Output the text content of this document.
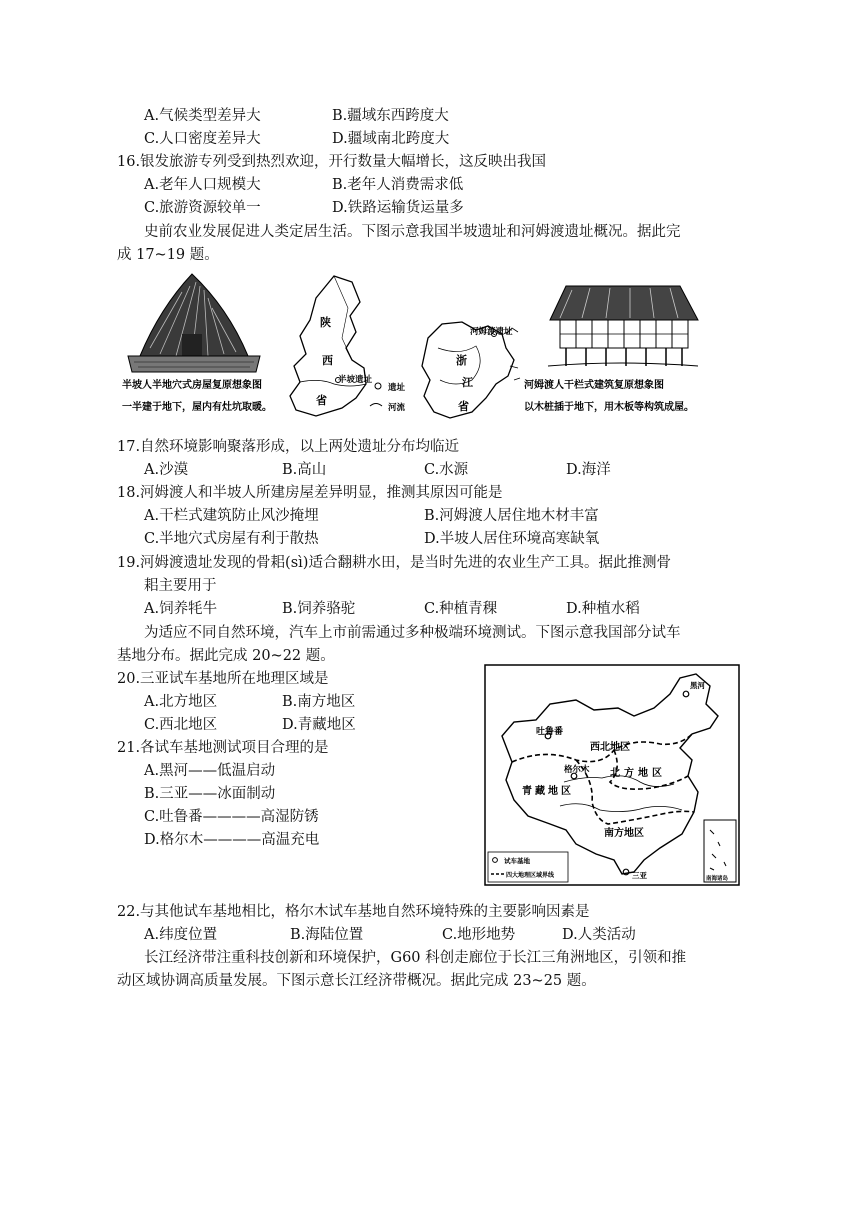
A.气候类型差异大	B.疆域东西跨度大
C.人口密度差异大	D.疆域南北跨度大
16.银发旅游专列受到热烈欢迎，开行数量大幅增长，这反映出我国
A.老年人口规模大	B.老年人消费需求低
C.旅游资源较单一	D.铁路运输货运量多
史前农业发展促进人类定居生活。下图示意我国半坡遗址和河姆渡遗址概况。据此完
成 17~19 题。
半坡人半地穴式房屋复原想象图
一半建于地下，屋内有灶坑取暖。
陕
西
省
半坡遗址
遗址
河流
河姆渡遗址
浙
江
省
河姆渡人干栏式建筑复原想象图
以木桩插于地下，用木板等构筑成屋。
17.自然环境影响聚落形成，以上两处遗址分布均临近
A.沙漠	B.高山	C.水源	D.海洋
18.河姆渡人和半坡人所建房屋差异明显，推测其原因可能是
A.干栏式建筑防止风沙掩埋	B.河姆渡人居住地木材丰富
C.半地穴式房屋有利于散热	D.半坡人居住环境高寒缺氧
19.河姆渡遗址发现的骨耜(sì)适合翻耕水田，是当时先进的农业生产工具。据此推测骨
耜主要用于
A.饲养牦牛	B.饲养骆驼	C.种植青稞	D.种植水稻
为适应不同自然环境，汽车上市前需通过多种极端环境测试。下图示意我国部分试车
基地分布。据此完成 20~22 题。
20.三亚试车基地所在地理区域是
A.北方地区	B.南方地区
C.西北地区	D.青藏地区
21.各试车基地测试项目合理的是
A.黑河——低温启动
B.三亚——冰面制动
C.吐鲁番————高湿防锈
D.格尔木————高温充电
黑河
吐鲁番
西北地区
格尔木 北方地区
青藏地区
南方地区
三亚	南海诸岛
试车基地
四大地理区域界线
22.与其他试车基地相比，格尔木试车基地自然环境特殊的主要影响因素是
A.纬度位置	B.海陆位置	C.地形地势	D.人类活动
长江经济带注重科技创新和环境保护，G60 科创走廊位于长江三角洲地区，引领和推
动区域协调高质量发展。下图示意长江经济带概况。据此完成 23~25 题。
